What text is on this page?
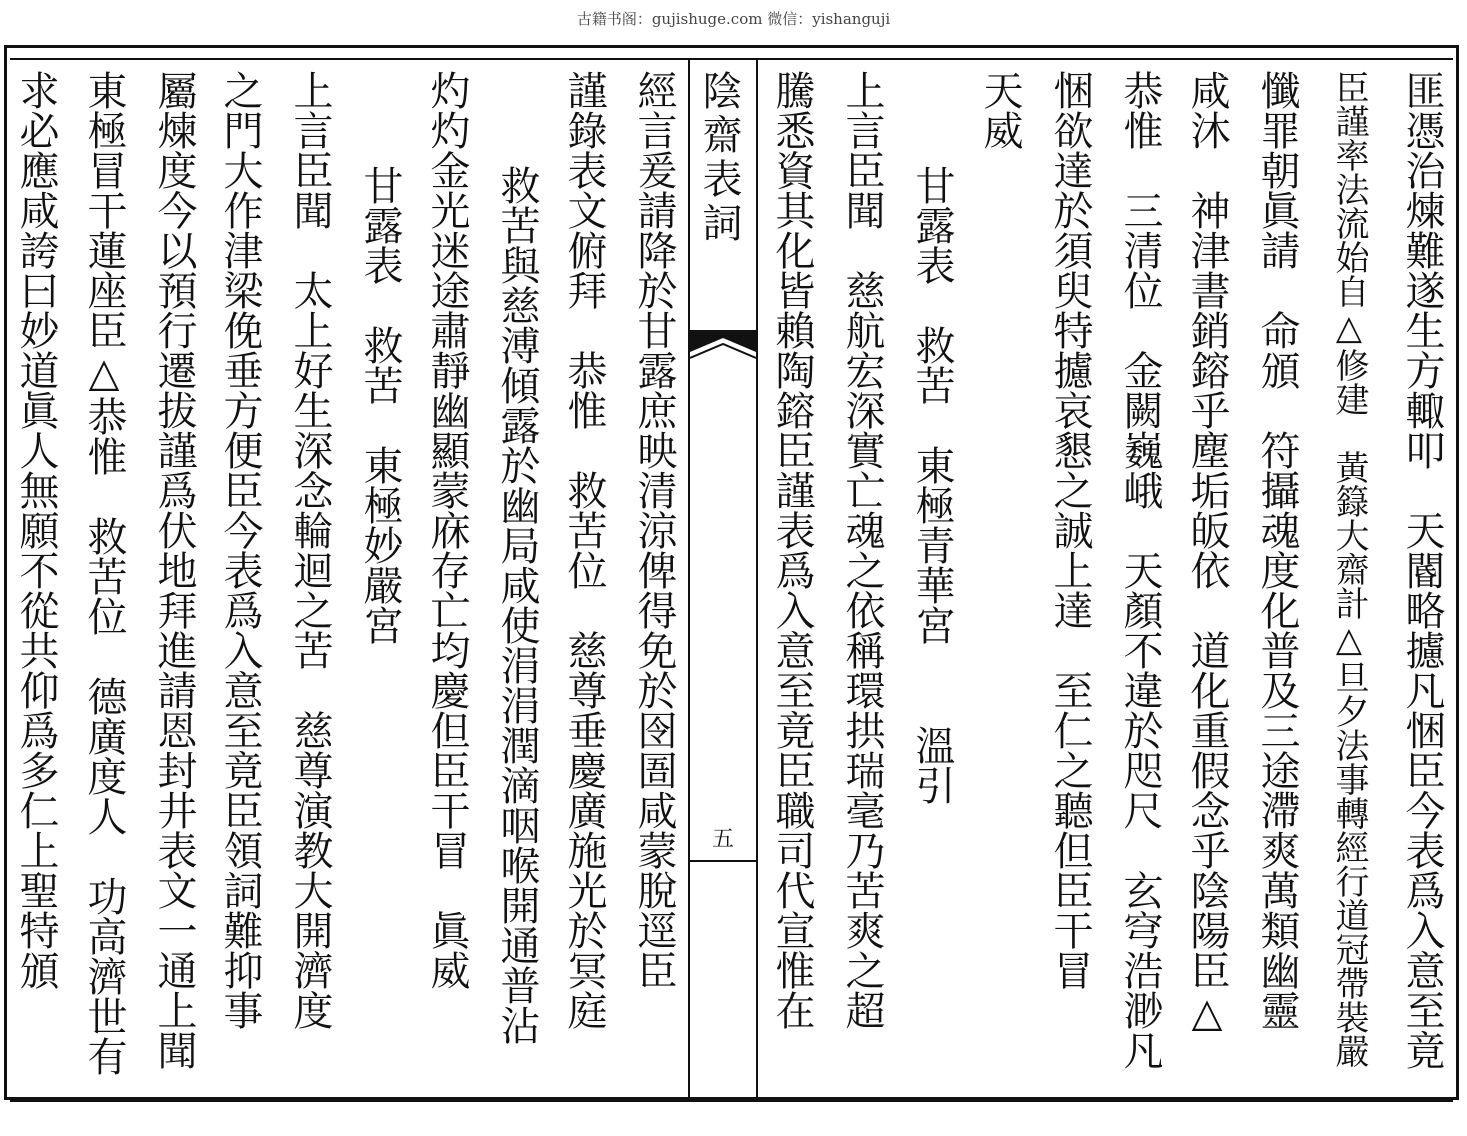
古籍书阁：gujishuge.com 微信：yishanguji
陰齋表詞
五	匪憑治煉難遂生方輙叩　天閽略攄凡悃臣今表爲入意至竟
臣謹率法流始自△修建　黃籙大齋計△旦夕法事轉經行道冠帶裝嚴
懺罪朝眞請　命頒　符攝魂度化普及三途滯爽萬類幽靈
咸沐　神津書銷鎔乎塵垢皈依　道化重假念乎陰陽臣△
恭惟　三清位　金闕巍峨　天顏不違於咫尺　玄穹浩渺凡
悃欲達於須臾特攄哀懇之誠上達　至仁之聽但臣干冒
天威
甘露表　救苦　東極青華宮　　溫引
上言臣聞　慈航宏深實亡魂之依稱環拱瑞毫乃苦爽之超
騰悉資其化皆賴陶鎔臣謹表爲入意至竟臣職司代宣惟在
經言爰請降於甘露庶映清涼俾得免於囹圄咸蒙脫逕臣
謹錄表文俯拜　恭惟　救苦位　慈尊垂慶廣施光於冥庭
救苦與慈溥傾露於幽局咸使涓涓潤滴咽喉開通普沾
灼灼金光迷途肅靜幽顯蒙庥存亡均慶但臣干冒　眞威
甘露表　救苦　東極妙嚴宮
上言臣聞　太上好生深念輪迴之苦　慈尊演教大開濟度
之門大作津梁俛垂方便臣今表爲入意至竟臣領詞難抑事
屬煉度今以預行遷拔謹爲伏地拜進請恩封井表文一通上聞
東極冒干蓮座臣△恭惟　救苦位　德廣度人　功高濟世有
求必應咸誇曰妙道眞人無願不從共仰爲多仁上聖特頒
